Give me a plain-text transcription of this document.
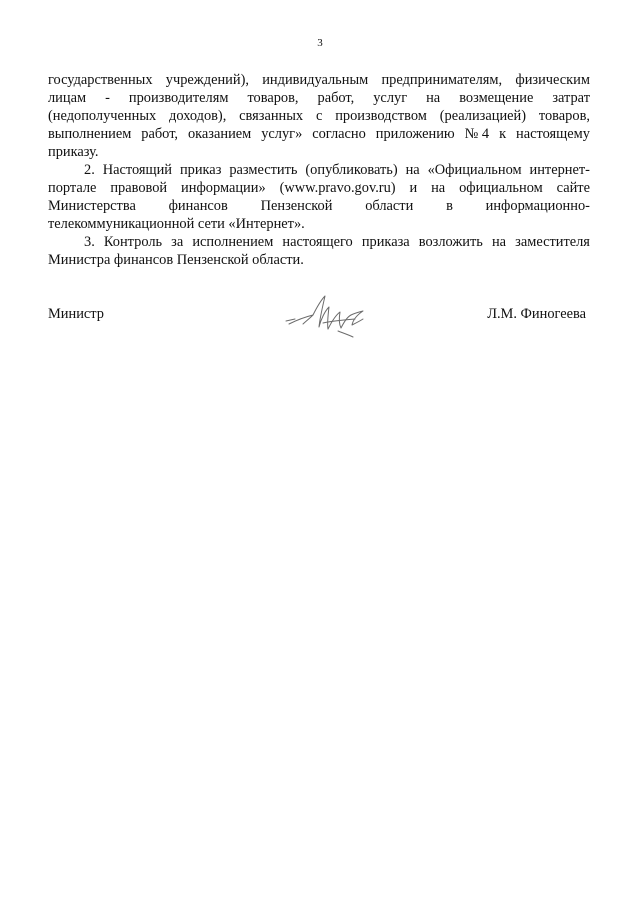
3
государственных учреждений), индивидуальным предпринимателям, физическим
лицам - производителям товаров, работ, услуг на возмещение затрат
(недополученных доходов), связанных с производством (реализацией) товаров,
выполнением работ, оказанием услуг» согласно приложению № 4 к настоящему
приказу.
2. Настоящий приказ разместить (опубликовать) на «Официальном интернет-
портале правовой информации» (www.pravo.gov.ru) и на официальном сайте
Министерства финансов Пензенской области в информационно-
телекоммуникационной сети «Интернет».
3. Контроль за исполнением настоящего приказа возложить на заместителя
Министра финансов Пензенской области.
Министр	Л.М. Финогеева
